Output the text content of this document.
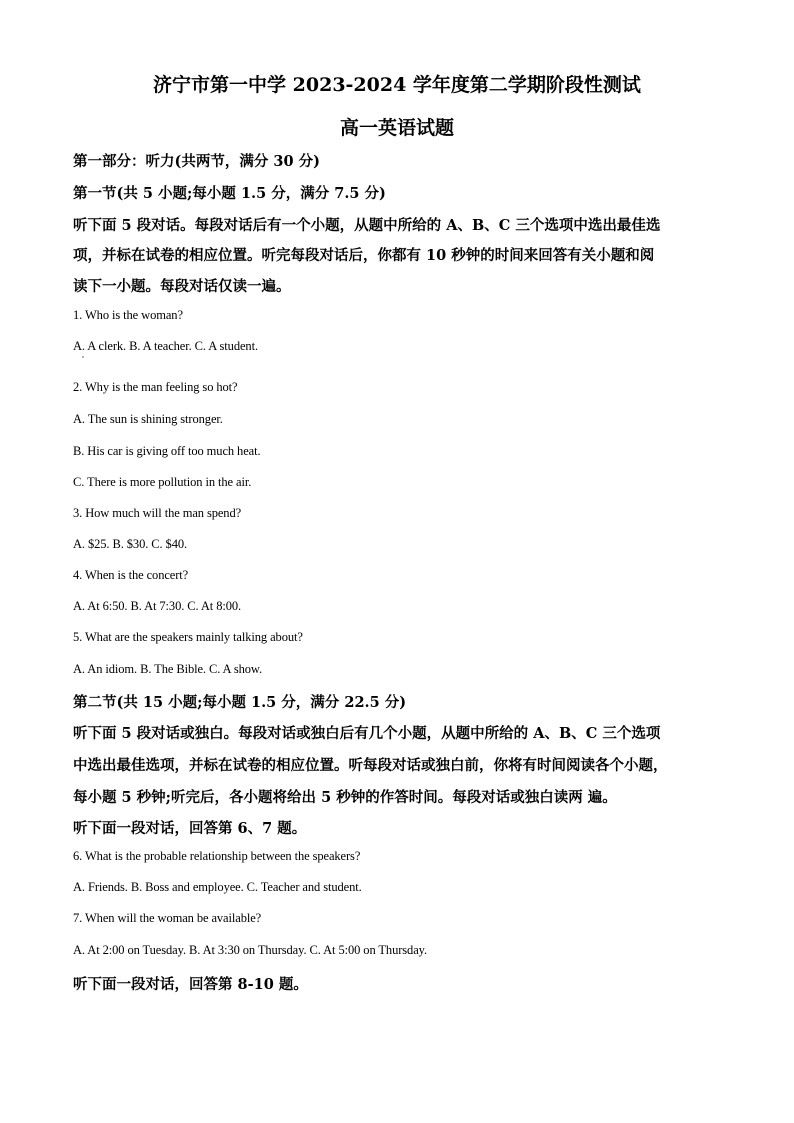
济宁市第一中学 2023-2024 学年度第二学期阶段性测试
高一英语试题
第一部分：听力(共两节，满分 30 分)
第一节(共 5 小题;每小题 1.5 分，满分 7.5 分)
听下面 5 段对话。每段对话后有一个小题，从题中所给的 A、B、C 三个选项中选出最佳选
项，并标在试卷的相应位置。听完每段对话后，你都有 10 秒钟的时间来回答有关小题和阅
读下一小题。每段对话仅读一遍。
1. Who is the woman?
A. A clerk. B. A teacher. C. A student.
2. Why is the man feeling so hot?
A. The sun is shining stronger.
B. His car is giving off too much heat.
C. There is more pollution in the air.
3. How much will the man spend?
A. $25. B. $30. C. $40.
4. When is the concert?
A. At 6:50. B. At 7:30. C. At 8:00.
5. What are the speakers mainly talking about?
A. An idiom. B. The Bible. C. A show.
第二节(共 15 小题;每小题 1.5 分，满分 22.5 分)
听下面 5 段对话或独白。每段对话或独白后有几个小题，从题中所给的 A、B、C 三个选项
中选出最佳选项，并标在试卷的相应位置。听每段对话或独白前，你将有时间阅读各个小题，
每小题 5 秒钟;听完后，各小题将给出 5 秒钟的作答时间。每段对话或独白读两 遍。
听下面一段对话，回答第 6、7 题。
6. What is the probable relationship between the speakers?
A. Friends. B. Boss and employee. C. Teacher and student.
7. When will the woman be available?
A. At 2:00 on Tuesday. B. At 3:30 on Thursday. C. At 5:00 on Thursday.
听下面一段对话，回答第 8-10 题。
